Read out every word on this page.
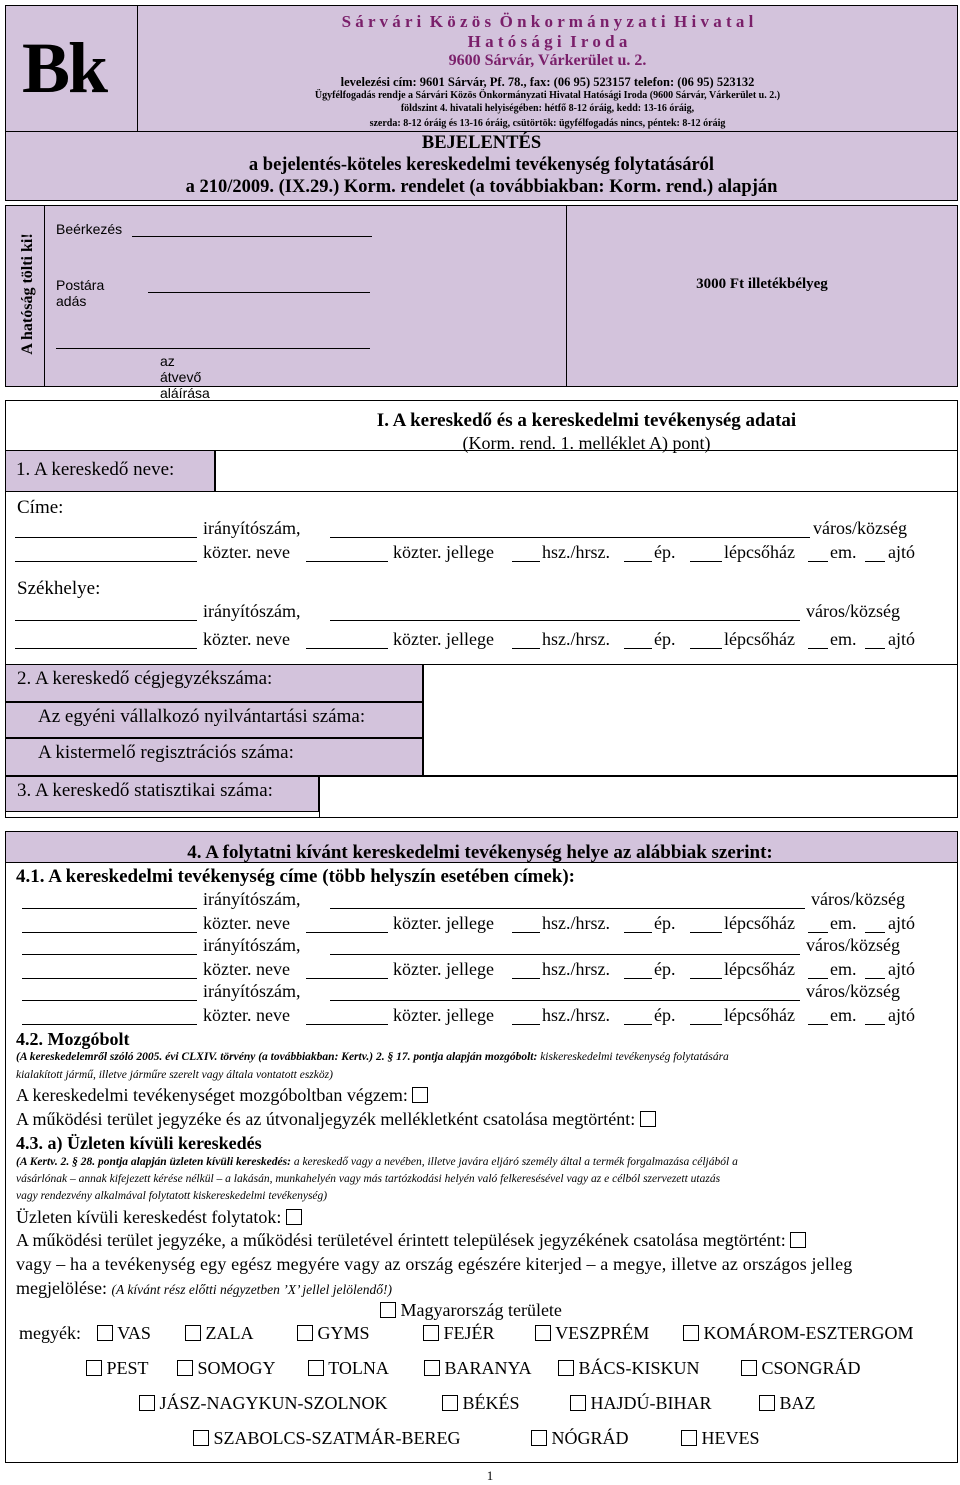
Bk
S á r v á r i  K ö z ö s  Ö n k o r m á n y z a t i  H i v a t a l
H a t ó s á g i  I r o d a
9600 Sárvár, Várkerület u. 2.
levelezési cím: 9601 Sárvár, Pf. 78., fax: (06 95) 523157 telefon: (06 95) 523132
Ügyfélfogadás rendje a Sárvári Közös Önkormányzati Hivatal Hatósági Iroda (9600 Sárvár, Várkerület u. 2.)
földszint 4. hivatali helyiségében: hétfő 8-12 óráig, kedd: 13-16 óráig,
szerda: 8-12 óráig és 13-16 óráig, csütörtök: ügyfélfogadás nincs, péntek: 8-12 óráig
BEJELENTÉS
a bejelentés-köteles kereskedelmi tevékenység folytatásáról
a 210/2009. (IX.29.) Korm. rendelet (a továbbiakban: Korm. rend.) alapján
A hatóság tölti ki!
Beérkezés
Postára adás
az átvevő aláírása
3000 Ft illetékbélyeg
I. A kereskedő és a kereskedelmi tevékenység adatai
(Korm. rend. 1. melléklet A) pont)
1. A kereskedő neve:
Címe:
irányítószám,	város/község
közter. neve	közter. jellege	hsz./hrsz. ép.	lépcsőház em. ajtó
Székhelye:
irányítószám,	város/község
közter. neve	közter. jellege	hsz./hrsz. ép.	lépcsőház em. ajtó
2. A kereskedő cégjegyzékszáma:
Az egyéni vállalkozó nyilvántartási száma:
A kistermelő regisztrációs száma:
3. A kereskedő statisztikai száma:
4. A folytatni kívánt kereskedelmi tevékenység helye az alábbiak szerint:
4.1. A kereskedelmi tevékenység címe (több helyszín esetében címek):
irányítószám,	város/község
közter. neve	közter. jellege	hsz./hrsz. ép.	lépcsőház em. ajtó
irányítószám,	város/község
közter. neve	közter. jellege	hsz./hrsz. ép.	lépcsőház em. ajtó
irányítószám,	város/község
közter. neve	közter. jellege	hsz./hrsz. ép.	lépcsőház em. ajtó
4.2. Mozgóbolt
(A kereskedelemről szóló 2005. évi CLXIV. törvény (a továbbiakban: Kertv.) 2. § 17. pontja alapján mozgóbolt: kiskereskedelmi tevékenység folytatására
kialakított jármű, illetve járműre szerelt vagy általa vontatott eszköz)
A kereskedelmi tevékenységet mozgóboltban végzem:
A működési terület jegyzéke és az útvonaljegyzék mellékletként csatolása megtörtént:
4.3. a) Üzleten kívüli kereskedés
(A Kertv. 2. § 28. pontja alapján üzleten kívüli kereskedés: a kereskedő vagy a nevében, illetve javára eljáró személy által a termék forgalmazása céljából a
vásárlónak – annak kifejezett kérése nélkül – a lakásán, munkahelyén vagy más tartózkodási helyén való felkeresésével vagy az e célból szervezett utazás
vagy rendezvény alkalmával folytatott kiskereskedelmi tevékenység)
Üzleten kívüli kereskedést folytatok:
A működési terület jegyzéke, a működési területével érintett települések jegyzékének csatolása megtörtént:
vagy – ha a tevékenység egy egész megyére vagy az ország egészére kiterjed – a megye, illetve az országos jelleg
megjelölése: (A kívánt rész előtti négyzetben ’X’ jellel jelölendő!)
Magyarország területe
megyék:	VAS	ZALA	GYMS	FEJÉR	VESZPRÉM	KOMÁROM-ESZTERGOM
PEST	SOMOGY	TOLNA	BARANYA	BÁCS-KISKUN	CSONGRÁD
JÁSZ-NAGYKUN-SZOLNOK	BÉKÉS	HAJDÚ-BIHAR	BAZ
SZABOLCS-SZATMÁR-BEREG	NÓGRÁD	HEVES
1
